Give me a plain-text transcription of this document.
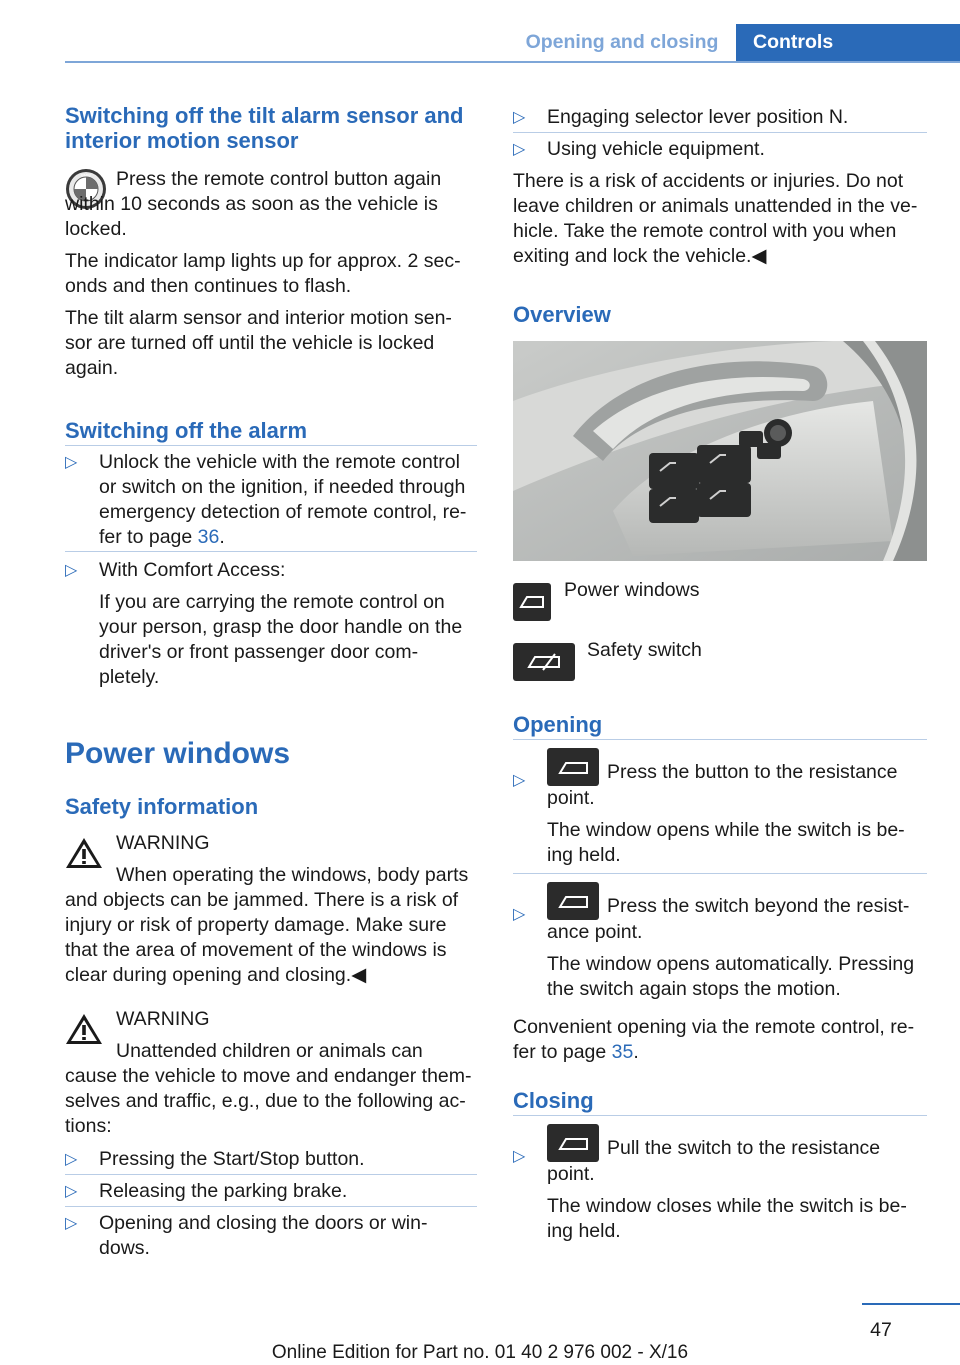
Opening and closing	Controls
Switching off the tilt alarm sensor and interior motion sensor
BMW	Press the remote control button again within 10 seconds as soon as the vehicle is locked.

The indicator lamp lights up for approx. 2 sec- onds and then continues to flash.

The tilt alarm sensor and interior motion sen- sor are turned off until the vehicle is locked again.

Switching off the alarm
▷ Unlock the vehicle with the remote control or switch on the ignition, if needed through emergency detection of remote control, re- fer to page 36.
▷ With Comfort Access:

If you are carrying the remote control on your person, grasp the door handle on the driver's or front passenger door com- pletely.

Power windows
Safety information

WARNING

When operating the windows, body parts and objects can be jammed. There is a risk of injury or risk of property damage. Make sure that the area of movement of the windows is clear during opening and closing.◀

WARNING

Unattended children or animals can cause the vehicle to move and endanger them- selves and traffic, e.g., due to the following ac- tions:

▷ Pressing the Start/Stop button.
▷ Releasing the parking brake.
▷ Opening and closing the doors or win- dows.
▷ Engaging selector lever position N.
▷ Using vehicle equipment.

There is a risk of accidents or injuries. Do not leave children or animals unattended in the ve- hicle. Take the remote control with you when exiting and lock the vehicle.◀

Overview
Power windows
Safety switch
Opening
▷	Press the button to the resistance point.

The window opens while the switch is be- ing held.

▷	Press the switch beyond the resist- ance point.

The window opens automatically. Pressing the switch again stops the motion.

Convenient opening via the remote control, re- fer to page 35.

Closing
▷	Pull the switch to the resistance point.

The window closes while the switch is be- ing held.

47
Online Edition for Part no. 01 40 2 976 002 - X/16
